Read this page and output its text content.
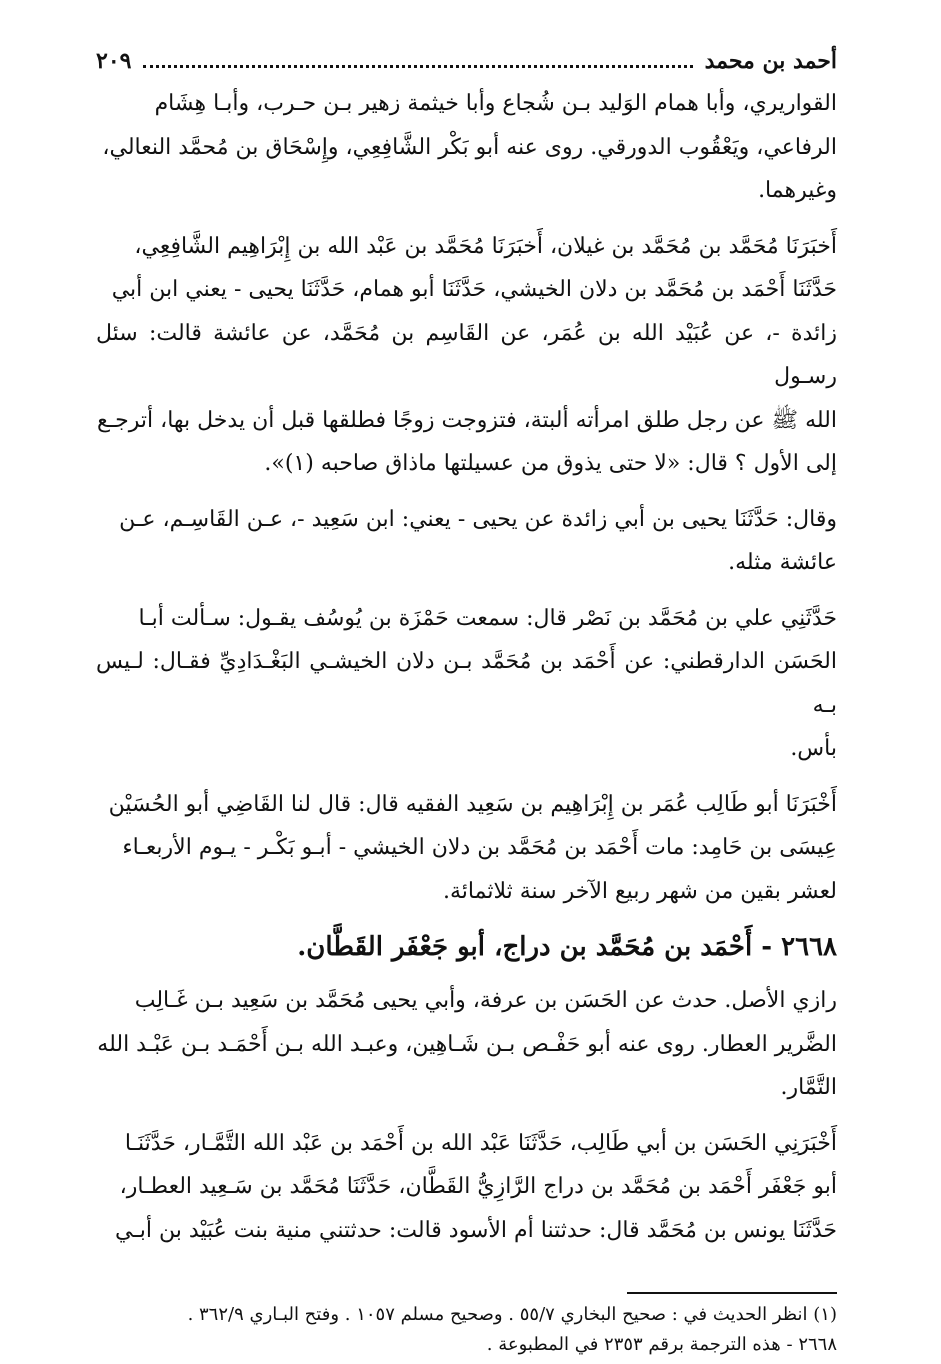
أحمد بن محمد
٢٠٩

القواريري، وأبا همام الوَليد بـن شُجاع وأبا خيثمة زهير بـن حـرب، وأبـا هِشَام

الرفاعي، ويَعْقُوب الدورقي. روى عنه أبو بَكْر الشَّافِعِي، وإِسْحَاق بن مُحمَّد النعالي،

وغيرهما.

أَخبَرَنَا مُحَمَّد بن مُحَمَّد بن غيلان، أَخبَرَنَا مُحَمَّد بن عَبْد الله بن إِبْرَاهِيم الشَّافِعِي،

حَدَّثَنَا أَحْمَد بن مُحَمَّد بن دلان الخيشي، حَدَّثَنَا أبو همام، حَدَّثَنَا يحيى - يعني ابن أبي

زائدة -، عن عُبَيْد الله بن عُمَر، عن القَاسِم بن مُحَمَّد، عن عائشة قالت: سئل رسـول

الله ﷺ عن رجل طلق امرأته ألبتة، فتزوجت زوجًا فطلقها قبل أن يدخل بها، أترجـع

إلى الأول ؟ قال: «لا حتى يذوق من عسيلتها ماذاق صاحبه (١)».

وقال: حَدَّثَنَا يحيى بن أبي زائدة عن يحيى - يعني: ابن سَعِيد -، عـن القَاسِـم، عـن

عائشة مثله.

حَدَّثَنِي علي بن مُحَمَّد بن نَصْر قال: سمعت حَمْزَة بن يُوسُف يقـول: سـألت أبـا

الحَسَن الدارقطني: عن أَحْمَد بن مُحَمَّد بـن دلان الخيشـي البَغْـدَادِيِّ فقـال: لـيس بـه

بأس.

أَخْبَرَنَا أبو طَالِب عُمَر بن إِبْرَاهِيم بن سَعِيد الفقيه قال: قال لنا القَاضِي أبو الحُسَيْن

عِيسَى بن حَامِد: مات أَحْمَد بن مُحَمَّد بن دلان الخيشي - أبـو بَكْـر - يـوم الأربعـاء

لعشر بقين من شهر ربيع الآخر سنة ثلاثمائة.

٢٦٦٨ - أَحْمَد بن مُحَمَّد بن دراج، أبو جَعْفَر القَطَّان.

رازي الأصل. حدث عن الحَسَن بن عرفة، وأبي يحيى مُحَمَّد بن سَعِيد بـن غَـالِب

الضَّرير العطار. روى عنه أبو حَفْـص بـن شَـاهِين، وعبـد الله بـن أَحْمَـد بـن عَبْـد الله

التَّمَّار.

أَخْبَرَنِي الحَسَن بن أبي طَالِب، حَدَّثَنَا عَبْد الله بن أَحْمَد بن عَبْد الله التَّمَّـار، حَدَّثَنَـا

أبو جَعْفَر أَحْمَد بن مُحَمَّد بن دراج الرَّازِيُّ القَطَّان، حَدَّثَنَا مُحَمَّد بن سَـعِيد العطـار،

حَدَّثَنَا يونس بن مُحَمَّد قال: حدثتنا أم الأسود قالت: حدثتني منية بنت عُبَيْد بن أبـي

(١) انظر الحديث في : صحيح البخاري ٥٥/٧ . وصحيح مسلم ١٠٥٧ . وفتح البـاري ٣٦٢/٩ .

٢٦٦٨ - هذه الترجمة برقم ٢٣٥٣ في المطبوعة .
